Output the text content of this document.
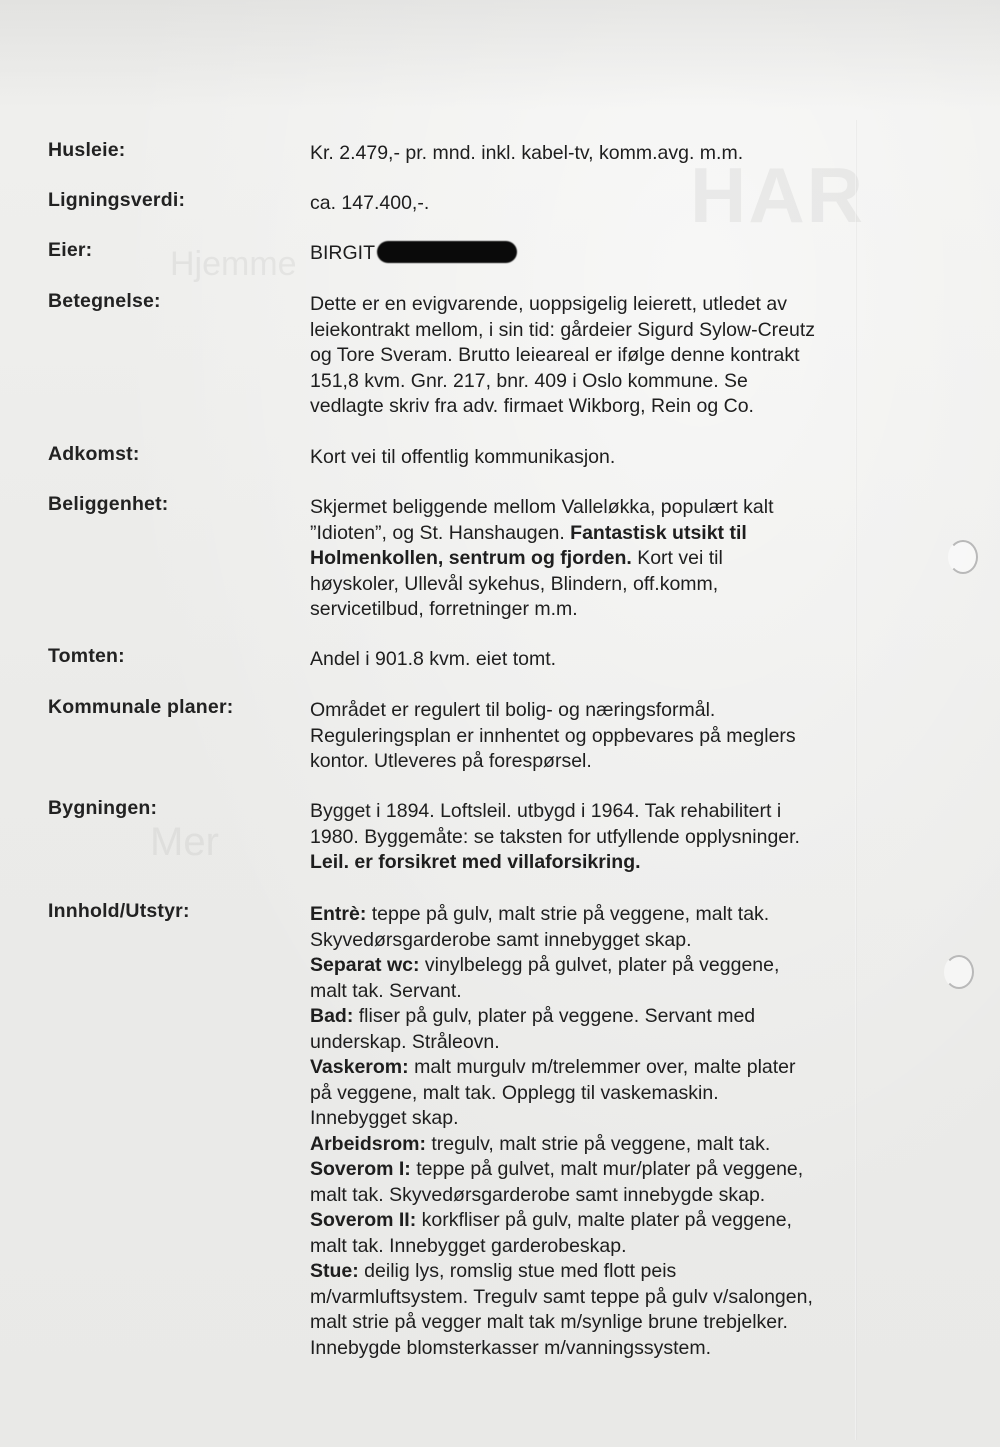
HAR
Hjemme
Mer
Husleie:	Kr. 2.479,- pr. mnd. inkl. kabel-tv, komm.avg. m.m.
Ligningsverdi:	ca. 147.400,-.
Eier:	BIRGIT
Betegnelse:	Dette er en evigvarende, uoppsigelig leierett, utledet av
leiekontrakt mellom, i sin tid: gårdeier Sigurd Sylow-Creutz
og Tore Sveram. Brutto leieareal er ifølge denne kontrakt
151,8 kvm. Gnr. 217, bnr. 409 i Oslo kommune. Se
vedlagte skriv fra adv. firmaet Wikborg, Rein og Co.
Adkomst:	Kort vei til offentlig kommunikasjon.
Beliggenhet:	Skjermet beliggende mellom Valleløkka, populært kalt
”Idioten”, og St. Hanshaugen. Fantastisk utsikt til
Holmenkollen, sentrum og fjorden. Kort vei til
høyskoler, Ullevål sykehus, Blindern, off.komm,
servicetilbud, forretninger m.m.
Tomten:	Andel i 901.8 kvm. eiet tomt.
Kommunale planer:	Området er regulert til bolig- og næringsformål.
Reguleringsplan er innhentet og oppbevares på meglers
kontor. Utleveres på forespørsel.
Bygningen:	Bygget i 1894. Loftsleil. utbygd i 1964. Tak rehabilitert i
1980. Byggemåte: se taksten for utfyllende opplysninger.
Leil. er forsikret med villaforsikring.
Innhold/Utstyr:	Entrè: teppe på gulv, malt strie på veggene, malt tak.
Skyvedørsgarderobe samt innebygget skap.
Separat wc: vinylbelegg på gulvet, plater på veggene,
malt tak. Servant.
Bad: fliser på gulv, plater på veggene. Servant med
underskap. Stråleovn.
Vaskerom: malt murgulv m/trelemmer over, malte plater
på veggene, malt tak. Opplegg til vaskemaskin.
Innebygget skap.
Arbeidsrom: tregulv, malt strie på veggene, malt tak.
Soverom I: teppe på gulvet, malt mur/plater på veggene,
malt tak. Skyvedørsgarderobe samt innebygde skap.
Soverom II: korkfliser på gulv, malte plater på veggene,
malt tak. Innebygget garderobeskap.
Stue: deilig lys, romslig stue med flott peis
m/varmluftsystem. Tregulv samt teppe på gulv v/salongen,
malt strie på vegger malt tak m/synlige brune trebjelker.
Innebygde blomsterkasser m/vanningssystem.
